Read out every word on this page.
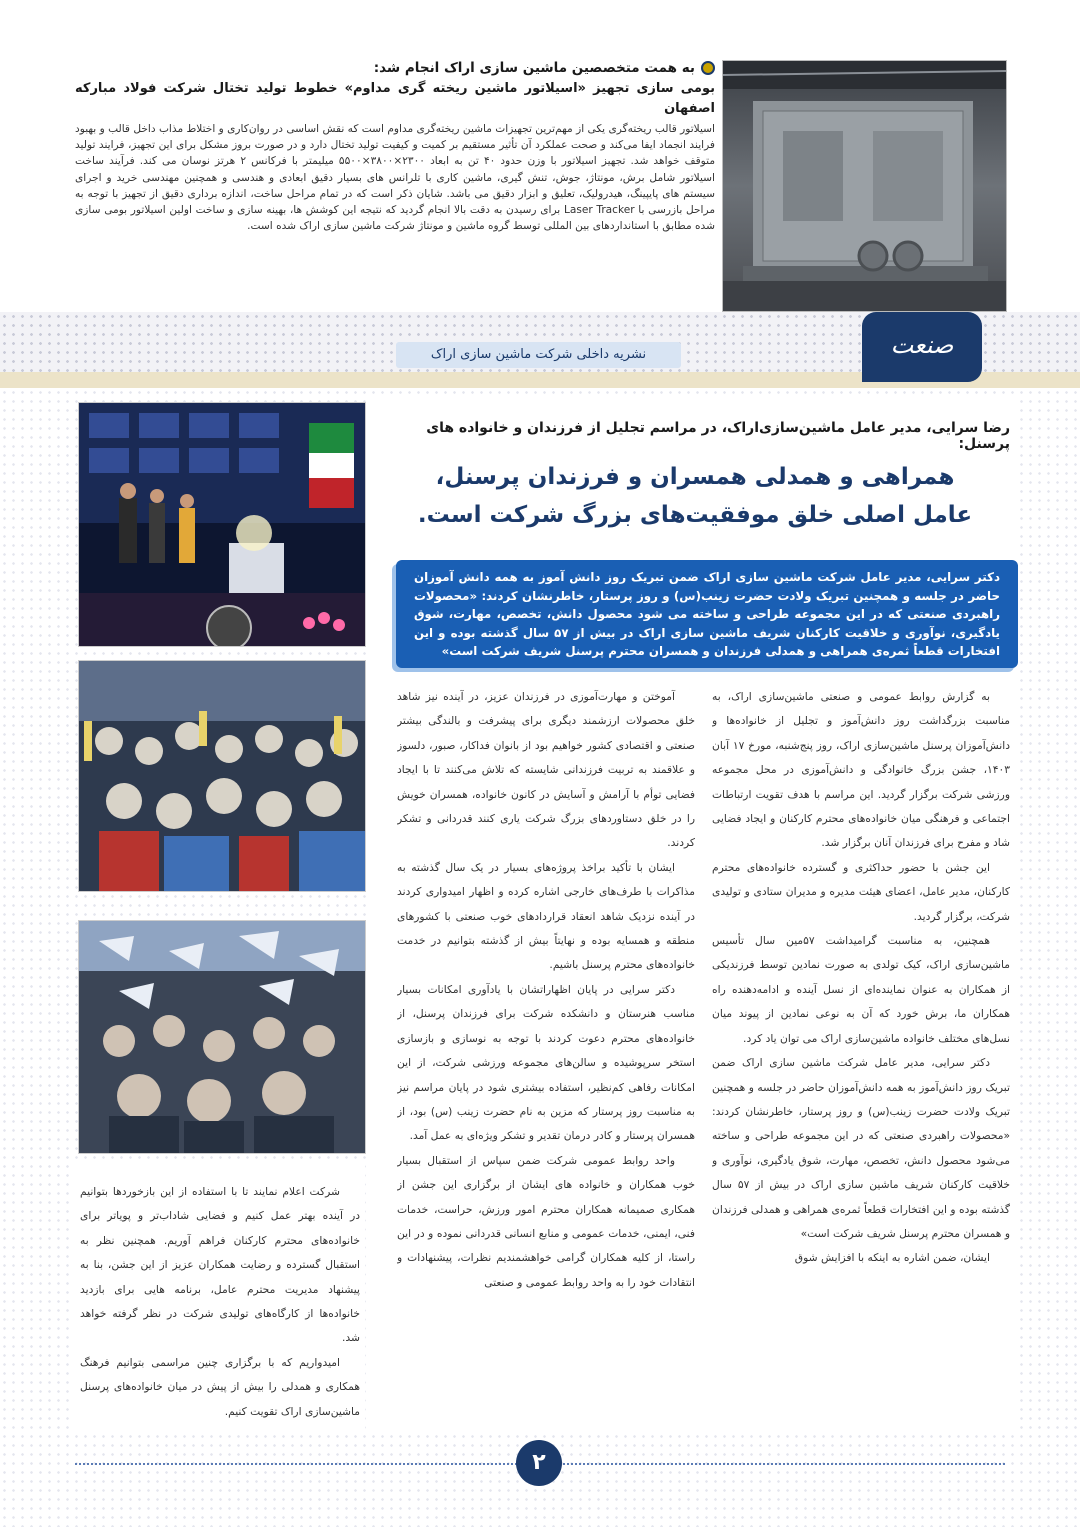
به همت متخصصین ماشین سازی اراک انجام شد:

بومی سازی تجهیز «اسیلاتور ماشین ریخته گری مداوم» خطوط تولید تختال شرکت فولاد مبارکه اصفهان

اسیلاتور قالب ریخته‌گری یکی از مهم‌ترین تجهیزات ماشین ریخته‌گری مداوم است که نقش اساسی در روان‌کاری و اختلاط مذاب داخل قالب و بهبود فرایند انجماد ایفا می‌کند و صحت عملکرد آن تأثیر مستقیم بر کمیت و کیفیت تولید تختال دارد و در صورت بروز مشکل برای این تجهیز، فرایند تولید متوقف خواهد شد. تجهیز اسیلاتور با وزن حدود ۴۰ تن به ابعاد ۲۳۰۰×۳۸۰۰×۵۵۰۰ میلیمتر با فرکانس ۲ هرتز نوسان می کند. فرآیند ساخت اسیلاتور شامل برش، مونتاژ، جوش، تنش گیری، ماشین کاری با تلرانس های بسیار دقیق ابعادی و هندسی و همچنین مهندسی خرید و اجرای سیستم های پایپینگ، هیدرولیک، تعلیق و ابزار دقیق می باشد. شایان ذکر است که در تمام مراحل ساخت، اندازه برداری دقیق از تجهیز با توجه به مراحل بازرسی با Laser Tracker برای رسیدن به دقت بالا انجام گردید که نتیجه این کوشش ها، بهینه سازی و ساخت اولین اسیلاتور بومی سازی شده مطابق با استانداردهای بین المللی توسط گروه ماشین و مونتاژ شرکت ماشین سازی اراک شده است.

نشریه داخلی شرکت ماشین سازی اراک	صنعت
رضا سرایی، مدیر عامل ماشین‌سازی‌اراک، در مراسم تجلیل از فرزندان و خانواده های پرسنل:
همراهی و همدلی همسران و فرزندان پرسنل،
عامل اصلی خلق موفقیت‌های بزرگ شرکت است.

دکتر سرایی، مدیر عامل شرکت ماشین سازی اراک ضمن تبریک روز دانش آموز به همه دانش آموزان حاضر در جلسه و همچنین تبریک ولادت حضرت زینب(س) و روز پرستار، خاطرنشان کردند: «محصولات راهبردی صنعتی که در این مجموعه طراحی و ساخته می شود محصول دانش، تخصص، مهارت، شوق یادگیری، نوآوری و خلاقیت کارکنان شریف ماشین سازی اراک در بیش از ۵۷ سال گذشته بوده و این افتخارات قطعاً ثمره‌ی همراهی و همدلی فرزندان و همسران محترم پرسنل شریف شرکت است»

به گزارش روابط عمومی و صنعتی ماشین‌سازی اراک، به مناسبت بزرگداشت روز دانش‌آموز و تجلیل از خانواده‌ها و دانش‌آموزان پرسنل ماشین‌سازی اراک، روز پنج‌شنبه، مورخ ۱۷ آبان ۱۴۰۳، جشن بزرگ خانوادگی و دانش‌آموزی در محل مجموعه ورزشی شرکت برگزار گردید. این مراسم با هدف تقویت ارتباطات اجتماعی و فرهنگی میان خانواده‌های محترم کارکنان و ایجاد فضایی شاد و مفرح برای فرزندان آنان برگزار شد.

این جشن با حضور حداکثری و گسترده خانواده‌های محترم کارکنان، مدیر عامل، اعضای هیئت مدیره و مدیران ستادی و تولیدی شرکت، برگزار گردید.

همچنین، به مناسبت گرامیداشت ۵۷مین سال تأسیس ماشین‌سازی اراک، کیک تولدی به صورت نمادین توسط فرزندیکی از همکاران به عنوان نماینده‌ای از نسل آینده و ادامه‌دهنده راه همکاران ما، برش خورد که آن به نوعی نمادین از پیوند میان نسل‌های مختلف خانواده ماشین‌سازی اراک می توان یاد کرد.

دکتر سرایی، مدیر عامل شرکت ماشین سازی اراک ضمن تبریک روز دانش‌آموز به همه دانش‌آموزان حاضر در جلسه و همچنین تبریک ولادت حضرت زینب(س) و روز پرستار، خاطرنشان کردند: «محصولات راهبردی صنعتی که در این مجموعه طراحی و ساخته می‌شود محصول دانش، تخصص، مهارت، شوق یادگیری، نوآوری و خلاقیت کارکنان شریف ماشین سازی اراک در بیش از ۵۷ سال گذشته بوده و این افتخارات قطعاً ثمره‌ی همراهی و همدلی فرزندان و همسران محترم پرسنل شریف شرکت است»

ایشان، ضمن اشاره به اینکه با افزایش شوق

آموختن و مهارت‌آموزی در فرزندان عزیز، در آینده نیز شاهد خلق محصولات ارزشمند دیگری برای پیشرفت و بالندگی بیشتر صنعتی و اقتصادی کشور خواهیم بود از بانوان فداکار، صبور، دلسوز و علاقمند به تربیت فرزندانی شایسته که تلاش می‌کنند تا با ایجاد فضایی توأم با آرامش و آسایش در کانون خانواده، همسران خویش را در خلق دستاوردهای بزرگ شرکت یاری کنند قدردانی و تشکر کردند.

ایشان با تأکید براخذ پروژه‌های بسیار در یک سال گذشته به مذاکرات با طرف‌های خارجی اشاره کرده و اظهار امیدواری کردند در آینده نزدیک شاهد انعقاد قراردادهای خوب صنعتی با کشورهای منطقه و همسایه بوده و نهایتاً بیش از گذشته بتوانیم در خدمت خانواده‌های محترم پرسنل باشیم.

دکتر سرایی در پایان اظهاراتشان با یادآوری امکانات بسیار مناسب هنرستان و دانشکده شرکت برای فرزندان پرسنل، از خانواده‌های محترم دعوت کردند با توجه به نوسازی و بازسازی استخر سرپوشیده و سالن‌های مجموعه ورزشی شرکت، از این امکانات رفاهی کم‌نظیر، استفاده بیشتری شود در پایان مراسم نیز به مناسبت روز پرستار که مزین به نام حضرت زینب (س) بود، از همسران پرستار و کادر درمان تقدیر و تشکر ویژه‌ای به عمل آمد.

واحد روابط عمومی شرکت ضمن سپاس از استقبال بسیار خوب همکاران و خانواده های ایشان از برگزاری این جشن از همکاری صمیمانه همکاران محترم امور ورزش، حراست، خدمات فنی، ایمنی، خدمات عمومی و منابع انسانی قدردانی نموده و در این راستا، از کلیه همکاران گرامی خواهشمندیم نظرات، پیشنهادات و انتقادات خود را به واحد روابط عمومی و صنعتی

شرکت اعلام نمایند تا با استفاده از این بازخوردها بتوانیم در آینده بهتر عمل کنیم و فضایی شاداب‌تر و پویاتر برای خانواده‌های محترم کارکنان فراهم آوریم. همچنین نظر به استقبال گسترده و رضایت همکاران عزیز از این جشن، بنا به پیشنهاد مدیریت محترم عامل، برنامه هایی برای بازدید خانواده‌ها از کارگاه‌های تولیدی شرکت در نظر گرفته خواهد شد.

امیدواریم که با برگزاری چنین مراسمی بتوانیم فرهنگ همکاری و همدلی را بیش از پیش در میان خانواده‌های پرسنل ماشین‌سازی اراک تقویت کنیم.

۲
